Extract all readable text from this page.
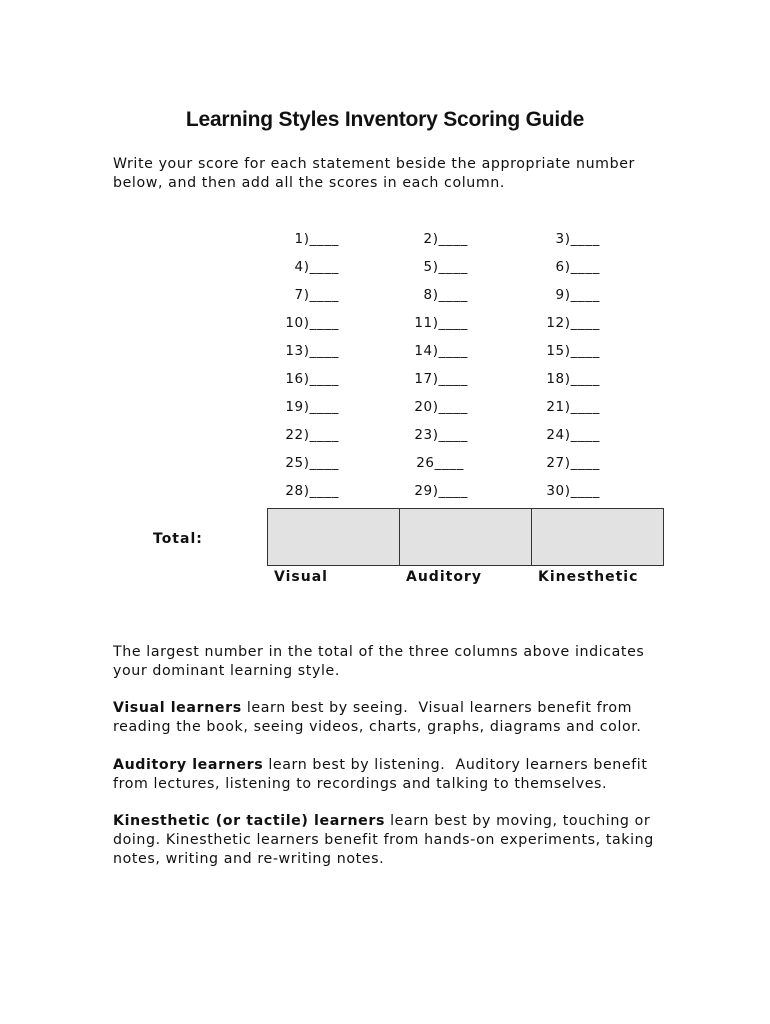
Learning Styles Inventory Scoring Guide
Write your score for each statement beside the appropriate number
below, and then add all the scores in each column.
1)____	2)____	3)____
4)____	5)____	6)____
7)____	8)____	9)____
10)____	11)____	12)____
13)____	14)____	15)____
16)____	17)____	18)____
19)____	20)____	21)____
22)____	23)____	24)____
25)____	26____	27)____
28)____	29)____	30)____
Total:
Visual	Auditory	Kinesthetic
The largest number in the total of the three columns above indicates
your dominant learning style.
Visual learners learn best by seeing.  Visual learners benefit from
reading the book, seeing videos, charts, graphs, diagrams and color.
Auditory learners learn best by listening.  Auditory learners benefit
from lectures, listening to recordings and talking to themselves.
Kinesthetic (or tactile) learners learn best by moving, touching or
doing. Kinesthetic learners benefit from hands-on experiments, taking
notes, writing and re-writing notes.
